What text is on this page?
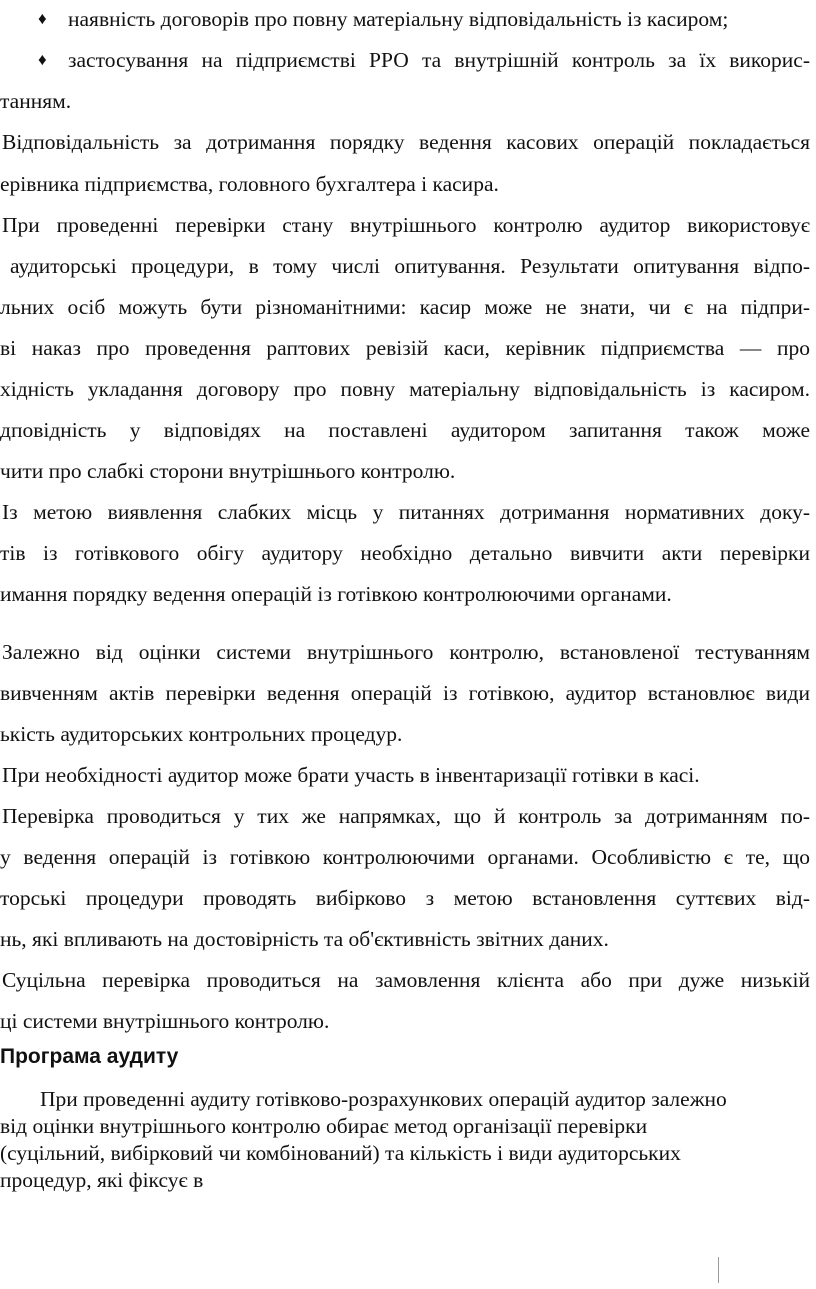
♦ наявність договорів про повну матеріальну відповідальність із касиром;
♦ застосування на підприємстві РРО та внутрішній контроль за їх викорис-
танням.
Відповідальність за дотримання порядку ведення касових операцій покладається
ерівника підприємства, головного бухгалтера і касира.
При проведенні перевірки стану внутрішнього контролю аудитор використовує
аудиторські процедури, в тому числі опитування. Результати опитування відпо-
льних осіб можуть бути різноманітними: касир може не знати, чи є на підпри-
ві наказ про проведення раптових ревізій каси, керівник підприємства — про
хідність укладання договору про повну матеріальну відповідальність із касиром.
дповідність у відповідях на поставлені аудитором запитання також може
чити про слабкі сторони внутрішнього контролю.
Із метою виявлення слабких місць у питаннях дотримання нормативних доку-
тів із готівкового обігу аудитору необхідно детально вивчити акти перевірки
имання порядку ведення операцій із готівкою контролюючими органами.
Залежно від оцінки системи внутрішнього контролю, встановленої тестуванням
вивченням актів перевірки ведення операцій із готівкою, аудитор встановлює види
ькість аудиторських контрольних процедур.
При необхідності аудитор може брати участь в інвентаризації готівки в касі.
Перевірка проводиться у тих же напрямках, що й контроль за дотриманням по-
у ведення операцій із готівкою контролюючими органами. Особливістю є те, що
торські процедури проводять вибірково з метою встановлення суттєвих від-
нь, які впливають на достовірність та об'єктивність звітних даних.
Суцільна перевірка проводиться на замовлення клієнта або при дуже низькій
ці системи внутрішнього контролю.
Програма аудиту
При проведенні аудиту готівково-розрахункових операцій аудитор залежно
від оцінки внутрішнього контролю обирає метод організації перевірки
(суцільний, вибірковий чи комбінований) та кількість і види аудиторських
процедур, які фіксує в
